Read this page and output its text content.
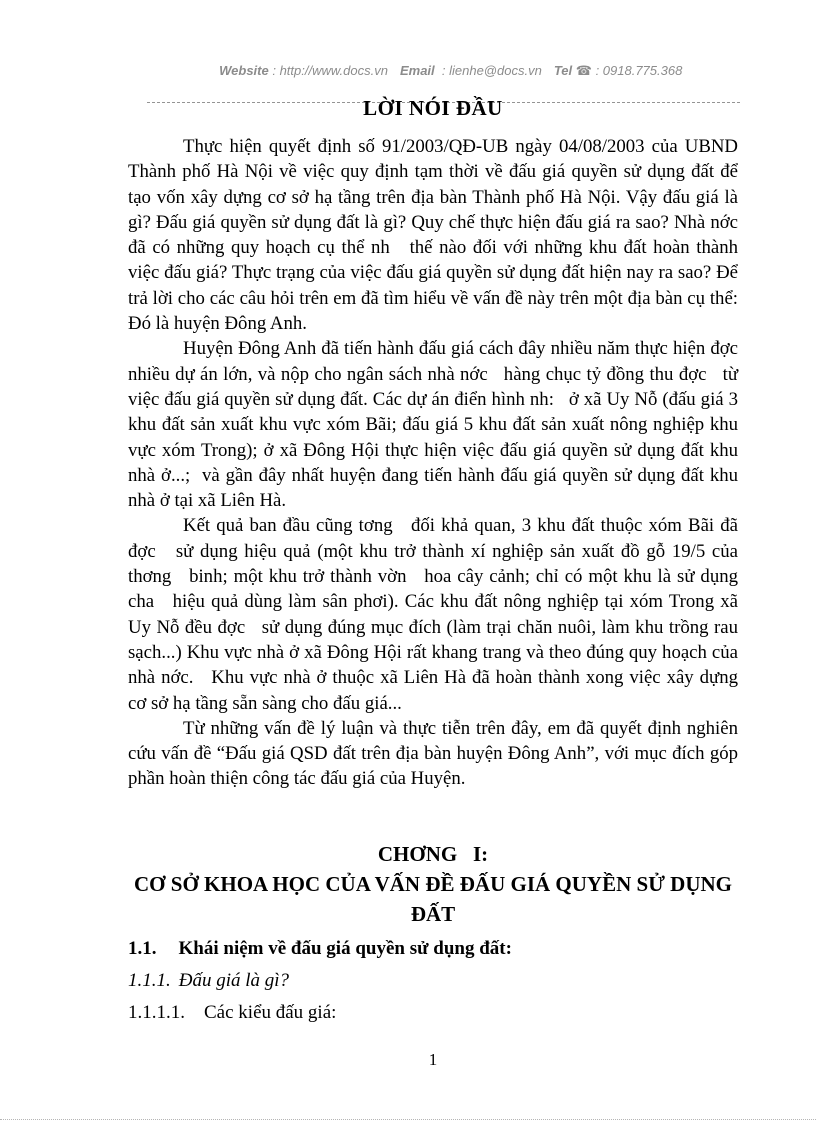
Website : http://www.docs.vn Email  : lienhe@docs.vn Tel ☎ : 0918.775.368

LỜI NÓI ĐẦU

Thực hiện quyết định số 91/2003/QĐ-UB ngày 04/08/2003 của UBND Thành phố Hà Nội về việc quy định tạm thời về đấu giá quyền sử dụng đất để tạo vốn xây dựng cơ sở hạ tầng trên địa bàn Thành phố Hà Nội. Vậy đấu giá là gì? Đấu giá quyền sử dụng đất là gì? Quy chế thực hiện đấu giá ra sao? Nhà nớc   đã có những quy hoạch cụ thể nh   thế nào đối với những khu đất hoàn thành việc đấu giá? Thực trạng của việc đấu giá quyền sử dụng đất hiện nay ra sao? Để trả lời cho các câu hỏi trên em đã tìm hiểu về vấn đề này trên một địa bàn cụ thể: Đó là huyện Đông Anh.

Huyện Đông Anh đã tiến hành đấu giá cách đây nhiều năm thực hiện đợc   nhiều dự án lớn, và nộp cho ngân sách nhà nớc   hàng chục tỷ đồng thu đợc   từ việc đấu giá quyền sử dụng đất. Các dự án điển hình nh:   ở xã Uy Nỗ (đấu giá 3 khu đất sản xuất khu vực xóm Bãi; đấu giá 5 khu đất sản xuất nông nghiệp khu vực xóm Trong); ở xã Đông Hội thực hiện việc đấu giá quyền sử dụng đất khu nhà ở...;  và gần đây nhất huyện đang tiến hành đấu giá quyền sử dụng đất khu nhà ở tại xã Liên Hà.

Kết quả ban đầu cũng tơng   đối khả quan, 3 khu đất thuộc xóm Bãi đã đợc   sử dụng hiệu quả (một khu trở thành xí nghiệp sản xuất đồ gỗ 19/5 của thơng   binh; một khu trở thành vờn   hoa cây cảnh; chỉ có một khu là sử dụng cha   hiệu quả dùng làm sân phơi). Các khu đất nông nghiệp tại xóm Trong xã Uy Nỗ đều đợc   sử dụng đúng mục đích (làm trại chăn nuôi, làm khu trồng rau sạch...) Khu vực nhà ở xã Đông Hội rất khang trang và theo đúng quy hoạch của nhà nớc.   Khu vực nhà ở thuộc xã Liên Hà đã hoàn thành xong việc xây dựng cơ sở hạ tầng sẵn sàng cho đấu giá...

Từ những vấn đề lý luận và thực tiễn trên đây, em đã quyết định nghiên cứu vấn đề “Đấu giá QSD đất trên địa bàn huyện Đông Anh”, với mục đích góp phần hoàn thiện công tác đấu giá của Huyện.

CHƠNG   I:
CƠ SỞ KHOA HỌC CỦA VẤN ĐỀ ĐẤU GIÁ QUYỀN SỬ DỤNG ĐẤT
1.1. Khái niệm về đấu giá quyền sử dụng đất:
1.1.1. Đấu giá là gì?
1.1.1.1. Các kiểu đấu giá:
1
